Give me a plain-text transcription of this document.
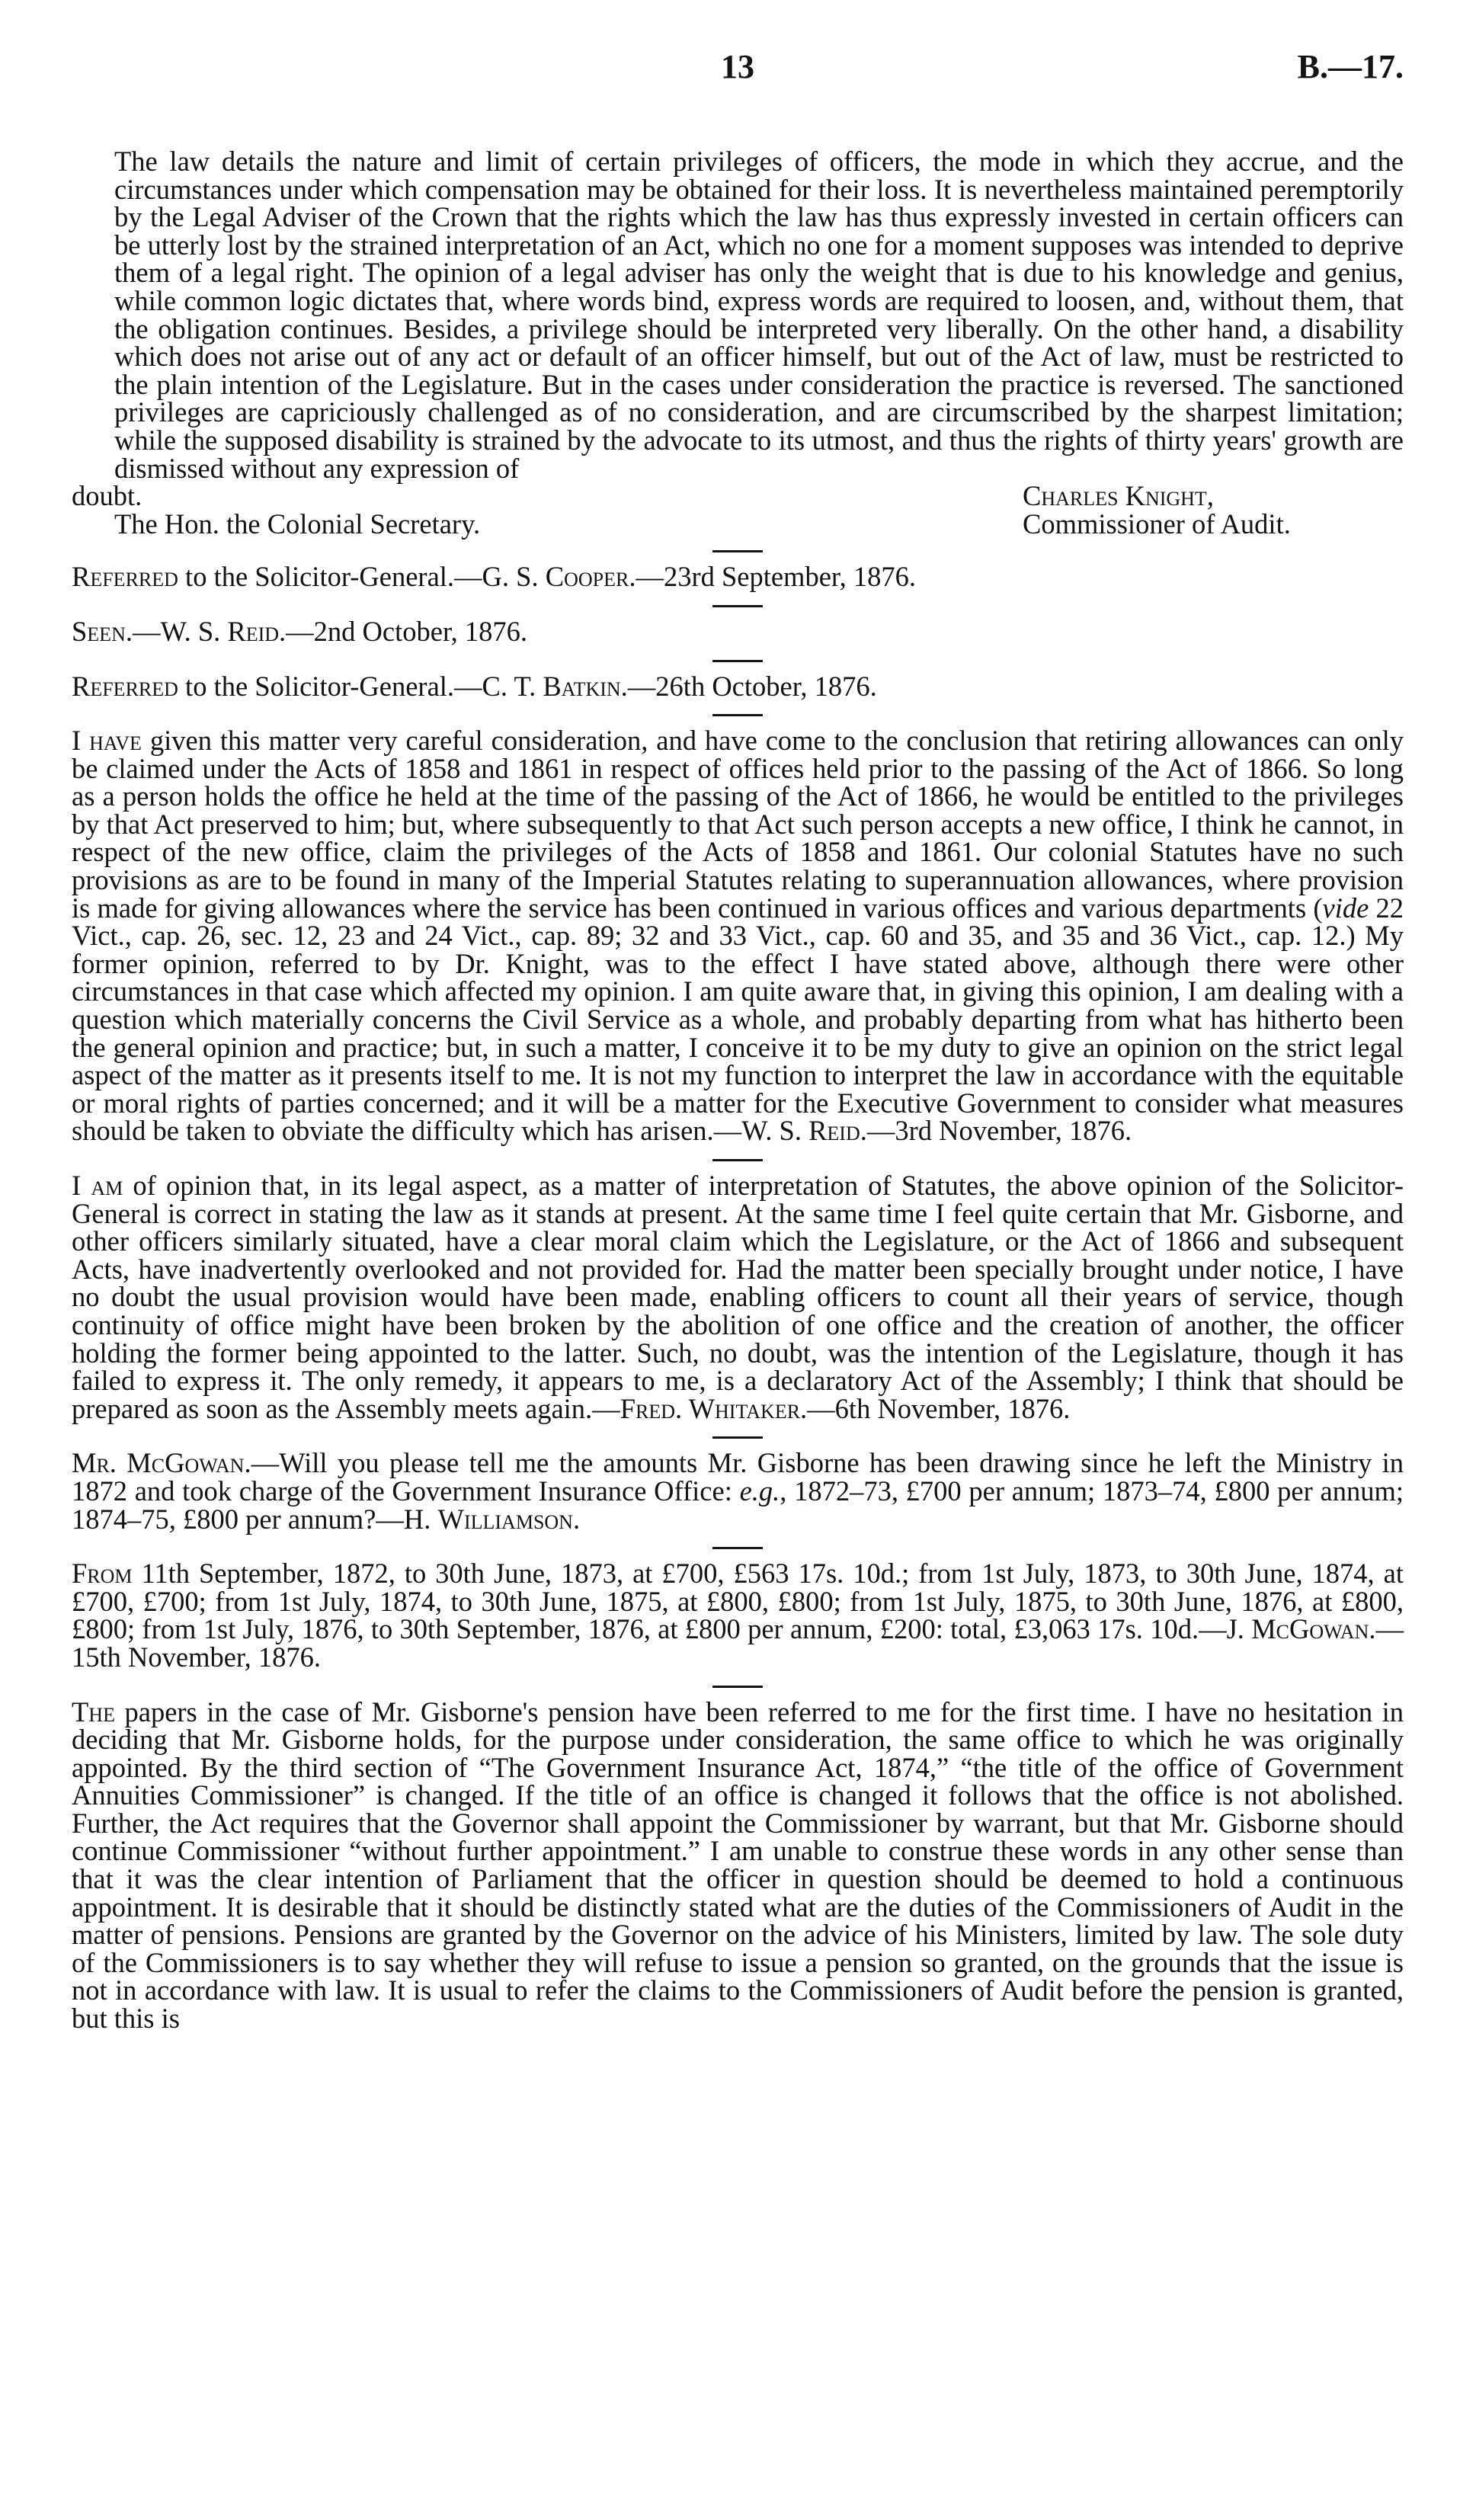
13	B.—17.

The law details the nature and limit of certain privileges of officers, the mode in which they accrue, and the circumstances under which compensation may be obtained for their loss. It is nevertheless maintained peremptorily by the Legal Adviser of the Crown that the rights which the law has thus expressly invested in certain officers can be utterly lost by the strained interpretation of an Act, which no one for a moment supposes was intended to deprive them of a legal right. The opinion of a legal adviser has only the weight that is due to his knowledge and genius, while common logic dictates that, where words bind, express words are required to loosen, and, without them, that the obligation continues. Besides, a privilege should be interpreted very liberally. On the other hand, a disability which does not arise out of any act or default of an officer himself, but out of the Act of law, must be restricted to the plain intention of the Legislature. But in the cases under consideration the practice is reversed. The sanctioned privileges are capriciously challenged as of no consideration, and are circumscribed by the sharpest limitation; while the supposed disability is strained by the advocate to its utmost, and thus the rights of thirty years' growth are dismissed without any expression of

doubt.	Charles Knight,
The Hon. the Colonial Secretary.	Commissioner of Audit.

Referred to the Solicitor-General.—G. S. Cooper.—23rd September, 1876.

Seen.—W. S. Reid.—2nd October, 1876.

Referred to the Solicitor-General.—C. T. Batkin.—26th October, 1876.

I have given this matter very careful consideration, and have come to the conclusion that retiring allowances can only be claimed under the Acts of 1858 and 1861 in respect of offices held prior to the passing of the Act of 1866. So long as a person holds the office he held at the time of the passing of the Act of 1866, he would be entitled to the privileges by that Act preserved to him; but, where subsequently to that Act such person accepts a new office, I think he cannot, in respect of the new office, claim the privileges of the Acts of 1858 and 1861. Our colonial Statutes have no such provisions as are to be found in many of the Imperial Statutes relating to superannuation allowances, where provision is made for giving allowances where the service has been continued in various offices and various departments (vide 22 Vict., cap. 26, sec. 12, 23 and 24 Vict., cap. 89; 32 and 33 Vict., cap. 60 and 35, and 35 and 36 Vict., cap. 12.) My former opinion, referred to by Dr. Knight, was to the effect I have stated above, although there were other circumstances in that case which affected my opinion. I am quite aware that, in giving this opinion, I am dealing with a question which materially concerns the Civil Service as a whole, and probably departing from what has hitherto been the general opinion and practice; but, in such a matter, I conceive it to be my duty to give an opinion on the strict legal aspect of the matter as it presents itself to me. It is not my function to interpret the law in accordance with the equitable or moral rights of parties concerned; and it will be a matter for the Executive Government to consider what measures should be taken to obviate the difficulty which has arisen.—W. S. Reid.—3rd November, 1876.

I am of opinion that, in its legal aspect, as a matter of interpretation of Statutes, the above opinion of the Solicitor-General is correct in stating the law as it stands at present. At the same time I feel quite certain that Mr. Gisborne, and other officers similarly situated, have a clear moral claim which the Legislature, or the Act of 1866 and subsequent Acts, have inadvertently overlooked and not provided for. Had the matter been specially brought under notice, I have no doubt the usual provision would have been made, enabling officers to count all their years of service, though continuity of office might have been broken by the abolition of one office and the creation of another, the officer holding the former being appointed to the latter. Such, no doubt, was the intention of the Legislature, though it has failed to express it. The only remedy, it appears to me, is a declaratory Act of the Assembly; I think that should be prepared as soon as the Assembly meets again.—Fred. Whitaker.—6th November, 1876.

Mr. McGowan.—Will you please tell me the amounts Mr. Gisborne has been drawing since he left the Ministry in 1872 and took charge of the Government Insurance Office: e.g., 1872–73, £700 per annum; 1873–74, £800 per annum; 1874–75, £800 per annum?—H. Williamson.

From 11th September, 1872, to 30th June, 1873, at £700, £563 17s. 10d.; from 1st July, 1873, to 30th June, 1874, at £700, £700; from 1st July, 1874, to 30th June, 1875, at £800, £800; from 1st July, 1875, to 30th June, 1876, at £800, £800; from 1st July, 1876, to 30th September, 1876, at £800 per annum, £200: total, £3,063 17s. 10d.—J. McGowan.—15th November, 1876.

The papers in the case of Mr. Gisborne's pension have been referred to me for the first time. I have no hesitation in deciding that Mr. Gisborne holds, for the purpose under consideration, the same office to which he was originally appointed. By the third section of “The Government Insurance Act, 1874,” “the title of the office of Government Annuities Commissioner” is changed. If the title of an office is changed it follows that the office is not abolished. Further, the Act requires that the Governor shall appoint the Commissioner by warrant, but that Mr. Gisborne should continue Commissioner “without further appointment.” I am unable to construe these words in any other sense than that it was the clear intention of Parliament that the officer in question should be deemed to hold a continuous appointment. It is desirable that it should be distinctly stated what are the duties of the Commissioners of Audit in the matter of pensions. Pensions are granted by the Governor on the advice of his Ministers, limited by law. The sole duty of the Commissioners is to say whether they will refuse to issue a pension so granted, on the grounds that the issue is not in accordance with law. It is usual to refer the claims to the Commissioners of Audit before the pension is granted, but this is
